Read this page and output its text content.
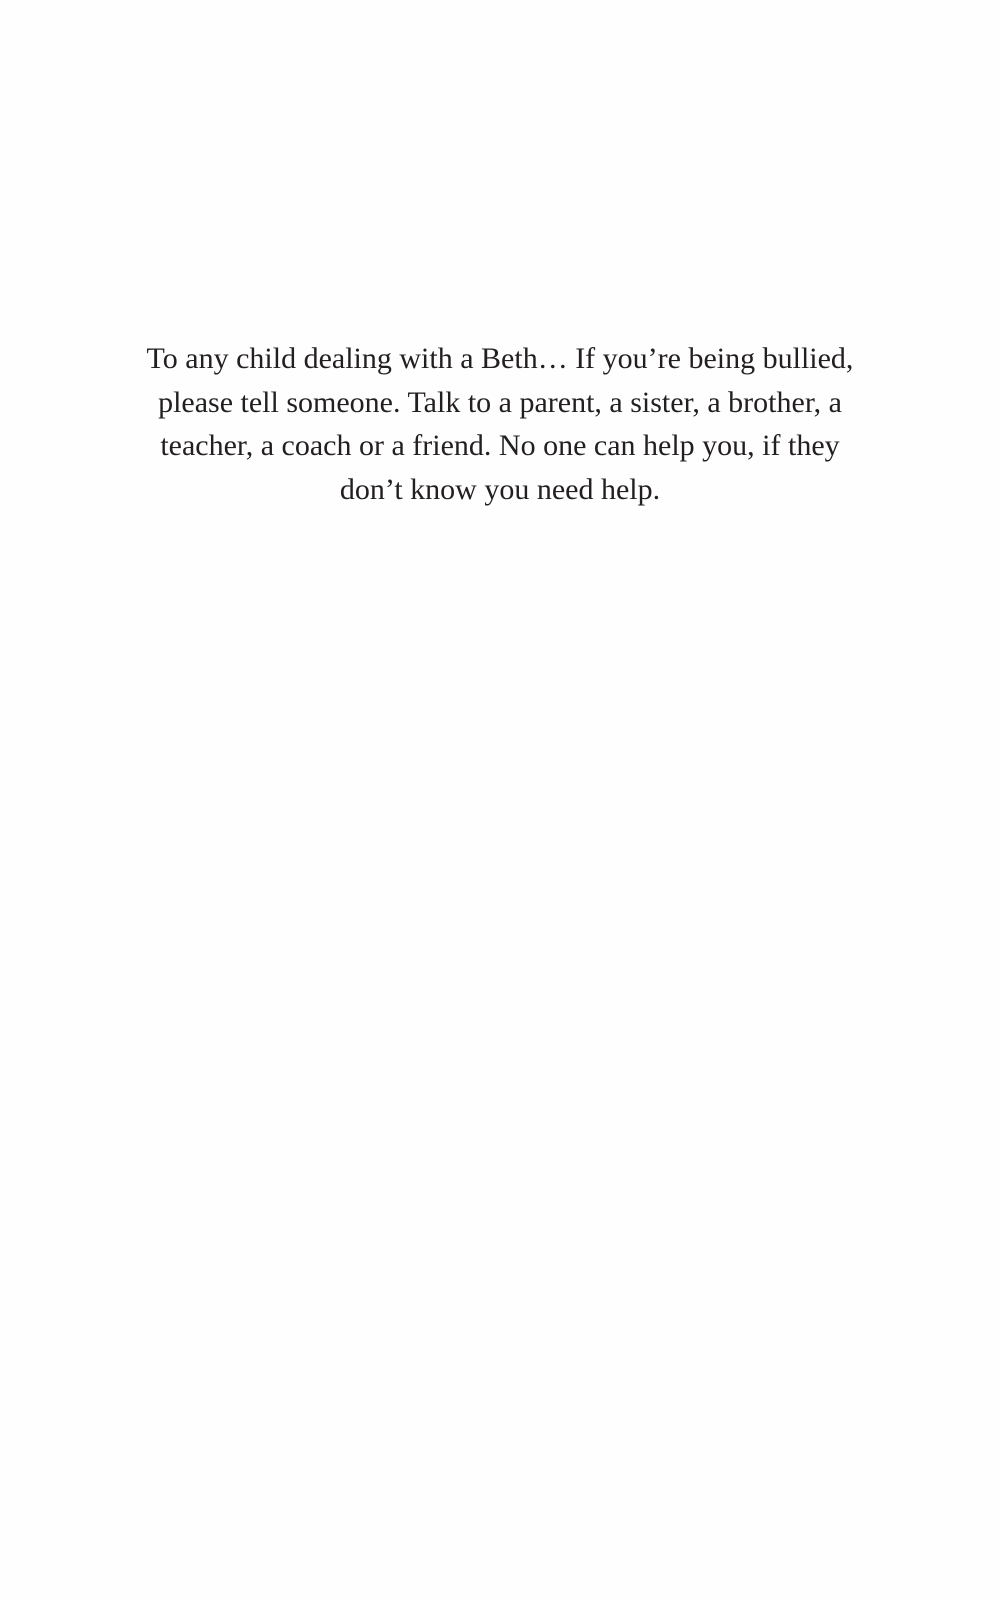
To any child dealing with a Beth… If you’re being bullied,
please tell someone. Talk to a parent, a sister, a brother, a
teacher, a coach or a friend. No one can help you, if they
don’t know you need help.
